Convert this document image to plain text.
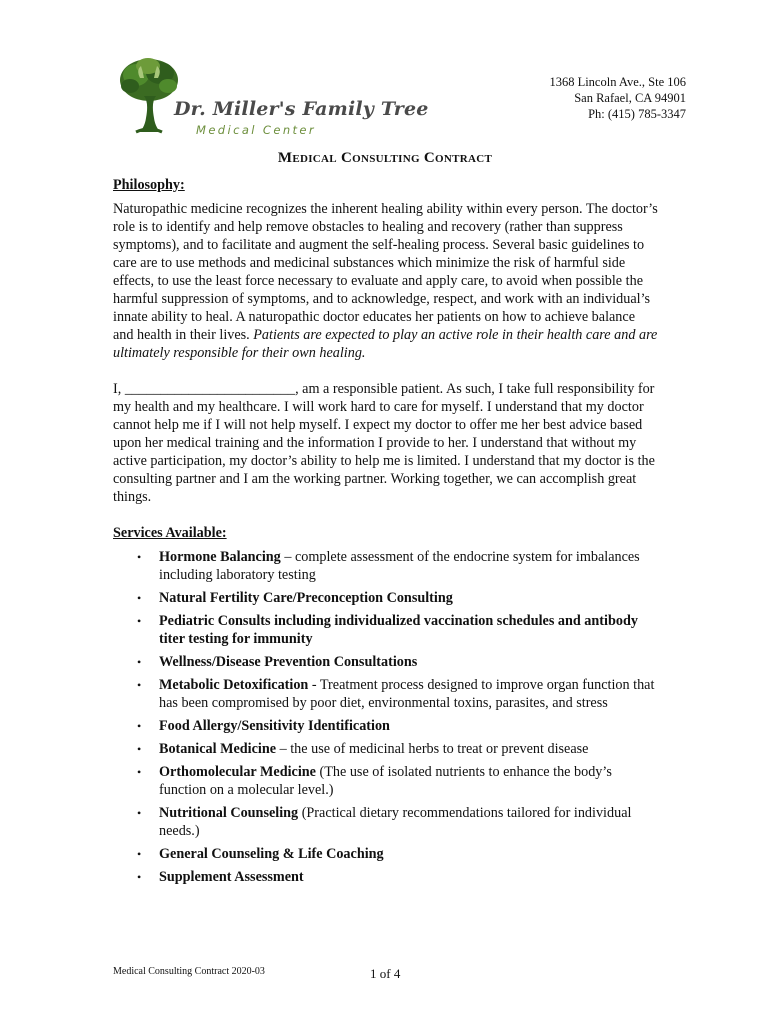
Dr. Miller's Family Tree
Medical Center
1368 Lincoln Ave., Ste 106
San Rafael, CA 94901
Ph: (415) 785-3347
Medical Consulting Contract
Philosophy:

Naturopathic medicine recognizes the inherent healing ability within every person. The doctor’s role is to identify and help remove obstacles to healing and recovery (rather than suppress symptoms), and to facilitate and augment the self-healing process. Several basic guidelines to care are to use methods and medicinal substances which minimize the risk of harmful side effects, to use the least force necessary to evaluate and apply care, to avoid when possible the harmful suppression of symptoms, and to acknowledge, respect, and work with an individual’s innate ability to heal. A naturopathic doctor educates her patients on how to achieve balance and health in their lives. Patients are expected to play an active role in their health care and are ultimately responsible for their own healing.

I, ________________________, am a responsible patient. As such, I take full responsibility for my health and my healthcare. I will work hard to care for myself. I understand that my doctor cannot help me if I will not help myself. I expect my doctor to offer me her best advice based upon her medical training and the information I provide to her. I understand that without my active participation, my doctor’s ability to help me is limited. I understand that my doctor is the consulting partner and I am the working partner. Working together, we can accomplish great things.

Services Available:
• Hormone Balancing – complete assessment of the endocrine system for imbalances including laboratory testing
• Natural Fertility Care/Preconception Consulting
• Pediatric Consults including individualized vaccination schedules and antibody titer testing for immunity
• Wellness/Disease Prevention Consultations
• Metabolic Detoxification - Treatment process designed to improve organ function that has been compromised by poor diet, environmental toxins, parasites, and stress
• Food Allergy/Sensitivity Identification
• Botanical Medicine – the use of medicinal herbs to treat or prevent disease
• Orthomolecular Medicine (The use of isolated nutrients to enhance the body’s function on a molecular level.)
• Nutritional Counseling (Practical dietary recommendations tailored for individual needs.)
• General Counseling & Life Coaching
• Supplement Assessment
Medical Consulting Contract 2020-03	1 of 4
